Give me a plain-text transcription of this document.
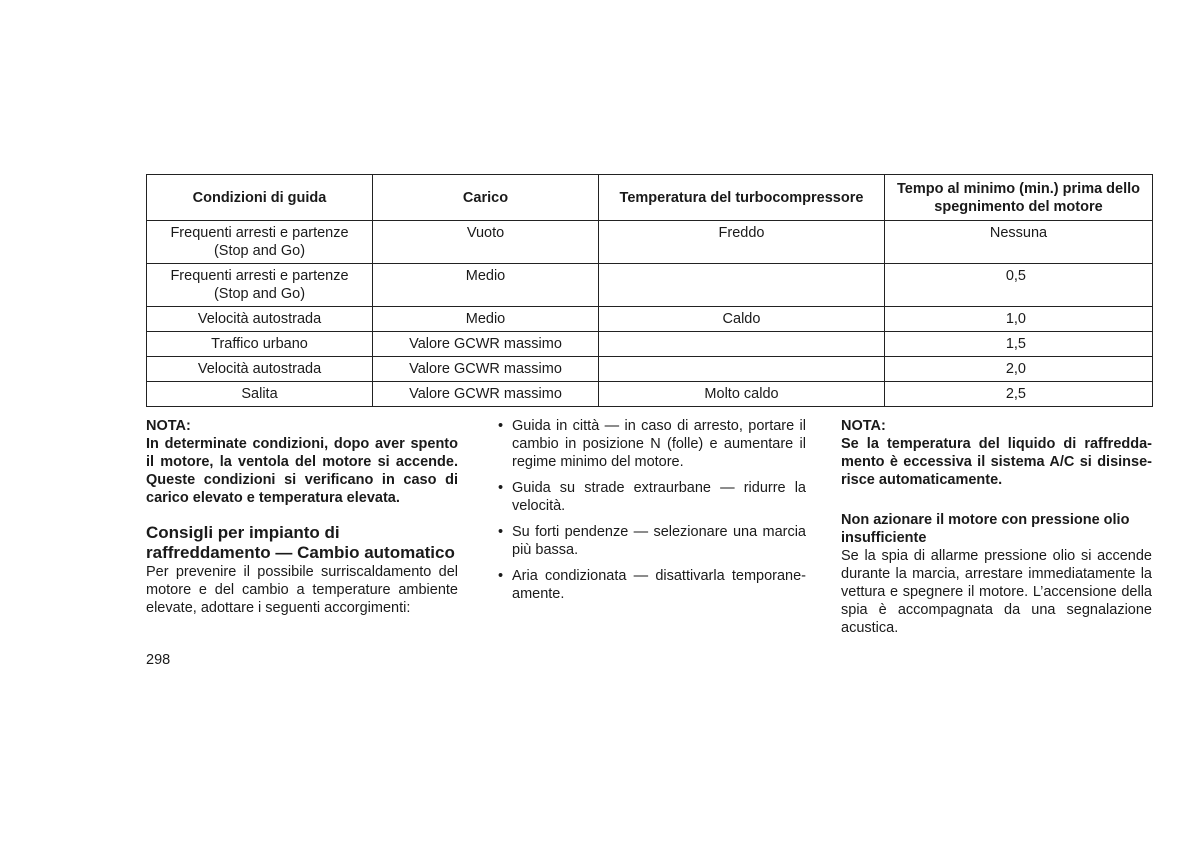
Condizioni di guida	Carico	Temperatura del turbocompressore	Tempo al minimo (min.) prima dello spegnimento del motore
Frequenti arresti e partenze (Stop and Go)	Vuoto	Freddo	Nessuna
Frequenti arresti e partenze (Stop and Go)	Medio		0,5
Velocità autostrada	Medio	Caldo	1,0
Traffico urbano	Valore GCWR massimo		1,5
Velocità autostrada	Valore GCWR massimo		2,0
Salita	Valore GCWR massimo	Molto caldo	2,5

NOTA:

In determinate condizioni, dopo aver spento il motore, la ventola del motore si accende. Queste condizioni si verificano in caso di carico elevato e temperatura elevata.

Consigli per impianto di raffreddamento — Cambio automatico

Per prevenire il possibile surriscaldamento del motore e del cambio a temperature ambiente elevate, adottare i seguenti accorgimenti:

• Guida in città — in caso di arresto, portare il cambio in posizione N (folle) e aumentare il regime minimo del motore.
• Guida su strade extraurbane — ridurre la velocità.
• Su forti pendenze — selezionare una marcia più bassa.
• Aria condizionata — disattivarla temporane-amente.

NOTA:

Se la temperatura del liquido di raffredda-mento è eccessiva il sistema A/C si disinse-risce automaticamente.

Non azionare il motore con pressione olio insufficiente

Se la spia di allarme pressione olio si accende durante la marcia, arrestare immediatamente la vettura e spegnere il motore. L’accensione della spia è accompagnata da una segnalazione acustica.

298
